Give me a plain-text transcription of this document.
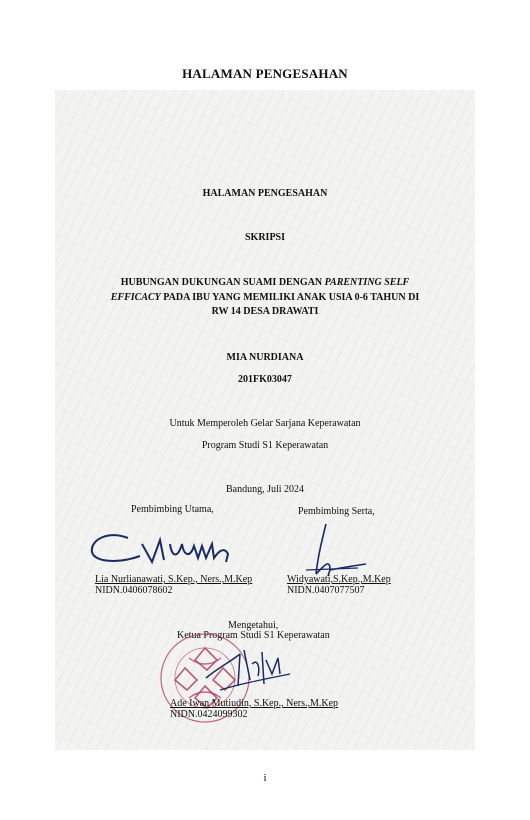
HALAMAN PENGESAHAN
HALAMAN PENGESAHAN
SKRIPSI
HUBUNGAN DUKUNGAN SUAMI DENGAN PARENTING SELF
EFFICACY PADA IBU YANG MEMILIKI ANAK USIA 0-6 TAHUN DI
RW 14 DESA DRAWATI
MIA NURDIANA
201FK03047
Untuk Memperoleh Gelar Sarjana Keperawatan
Program Studi S1 Keperawatan
Bandung, Juli 2024
Pembimbing Utama,	Pembimbing Serta,
Lia Nurlianawati, S.Kep., Ners.,M.Kep
NIDN.0406078602
Widyawati,S.Kep.,M.Kep
NIDN.0407077507
Mengetahui,
Ketua Program Studi S1 Keperawatan
Ade Iwan Mutiudin, S.Kep., Ners.,M.Kep
NIDN.0424099302
i
